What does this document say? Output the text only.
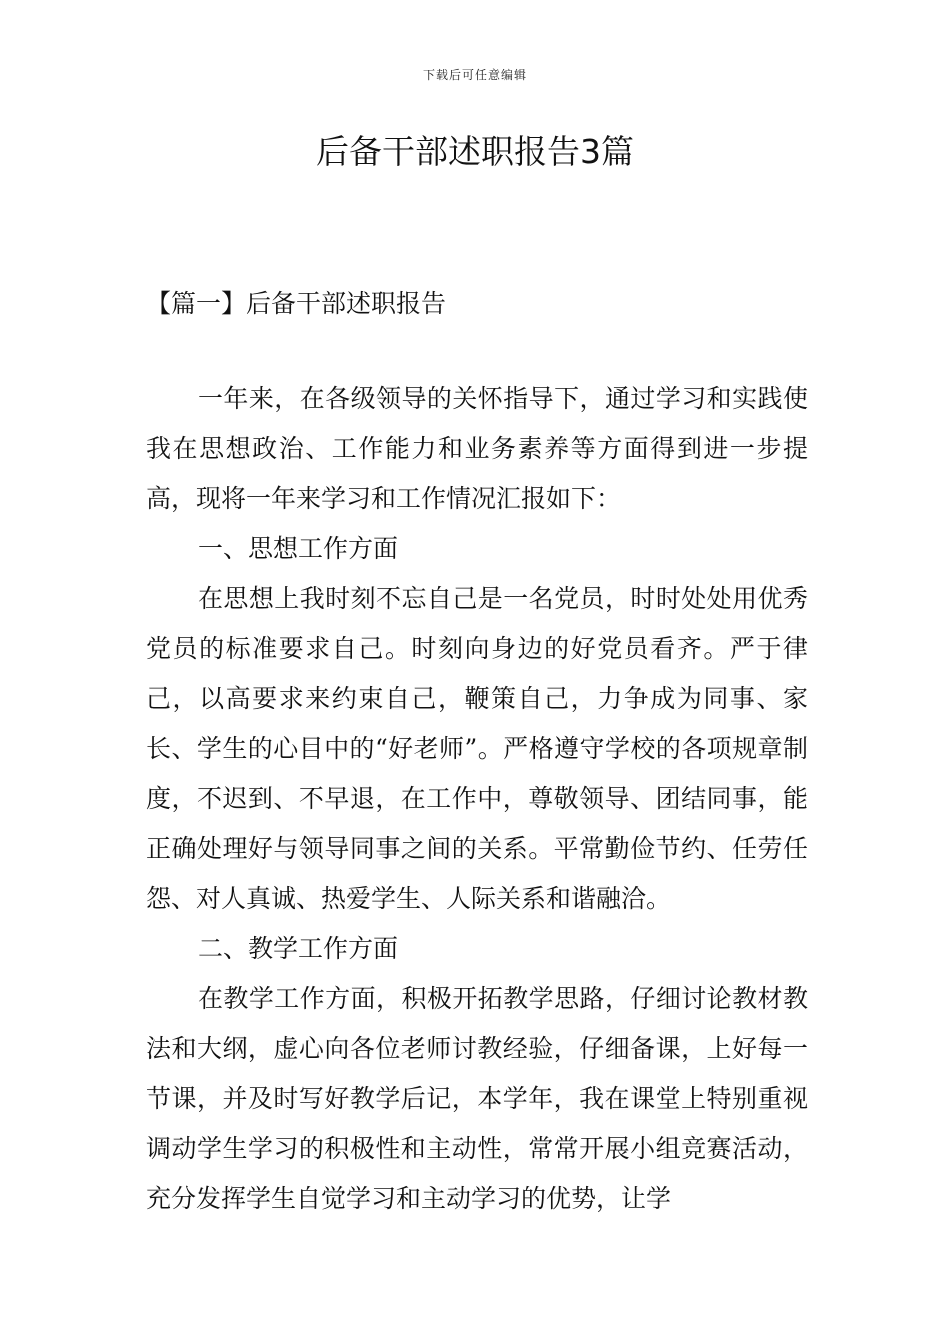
下载后可任意编辑
后备干部述职报告3篇
【篇一】后备干部述职报告

一年来，在各级领导的关怀指导下，通过学习和实践使我在思想政治、工作能力和业务素养等方面得到进一步提高，现将一年来学习和工作情况汇报如下：

一、思想工作方面

在思想上我时刻不忘自己是一名党员，时时处处用优秀党员的标准要求自己。时刻向身边的好党员看齐。严于律己，以高要求来约束自己，鞭策自己，力争成为同事、家长、学生的心目中的“好老师”。严格遵守学校的各项规章制度，不迟到、不早退，在工作中，尊敬领导、团结同事，能正确处理好与领导同事之间的关系。平常勤俭节约、任劳任怨、对人真诚、热爱学生、人际关系和谐融洽。

二、教学工作方面

在教学工作方面，积极开拓教学思路，仔细讨论教材教法和大纲，虚心向各位老师讨教经验，仔细备课，上好每一节课，并及时写好教学后记，本学年，我在课堂上特别重视调动学生学习的积极性和主动性，常常开展小组竞赛活动，充分发挥学生自觉学习和主动学习的优势，让学
